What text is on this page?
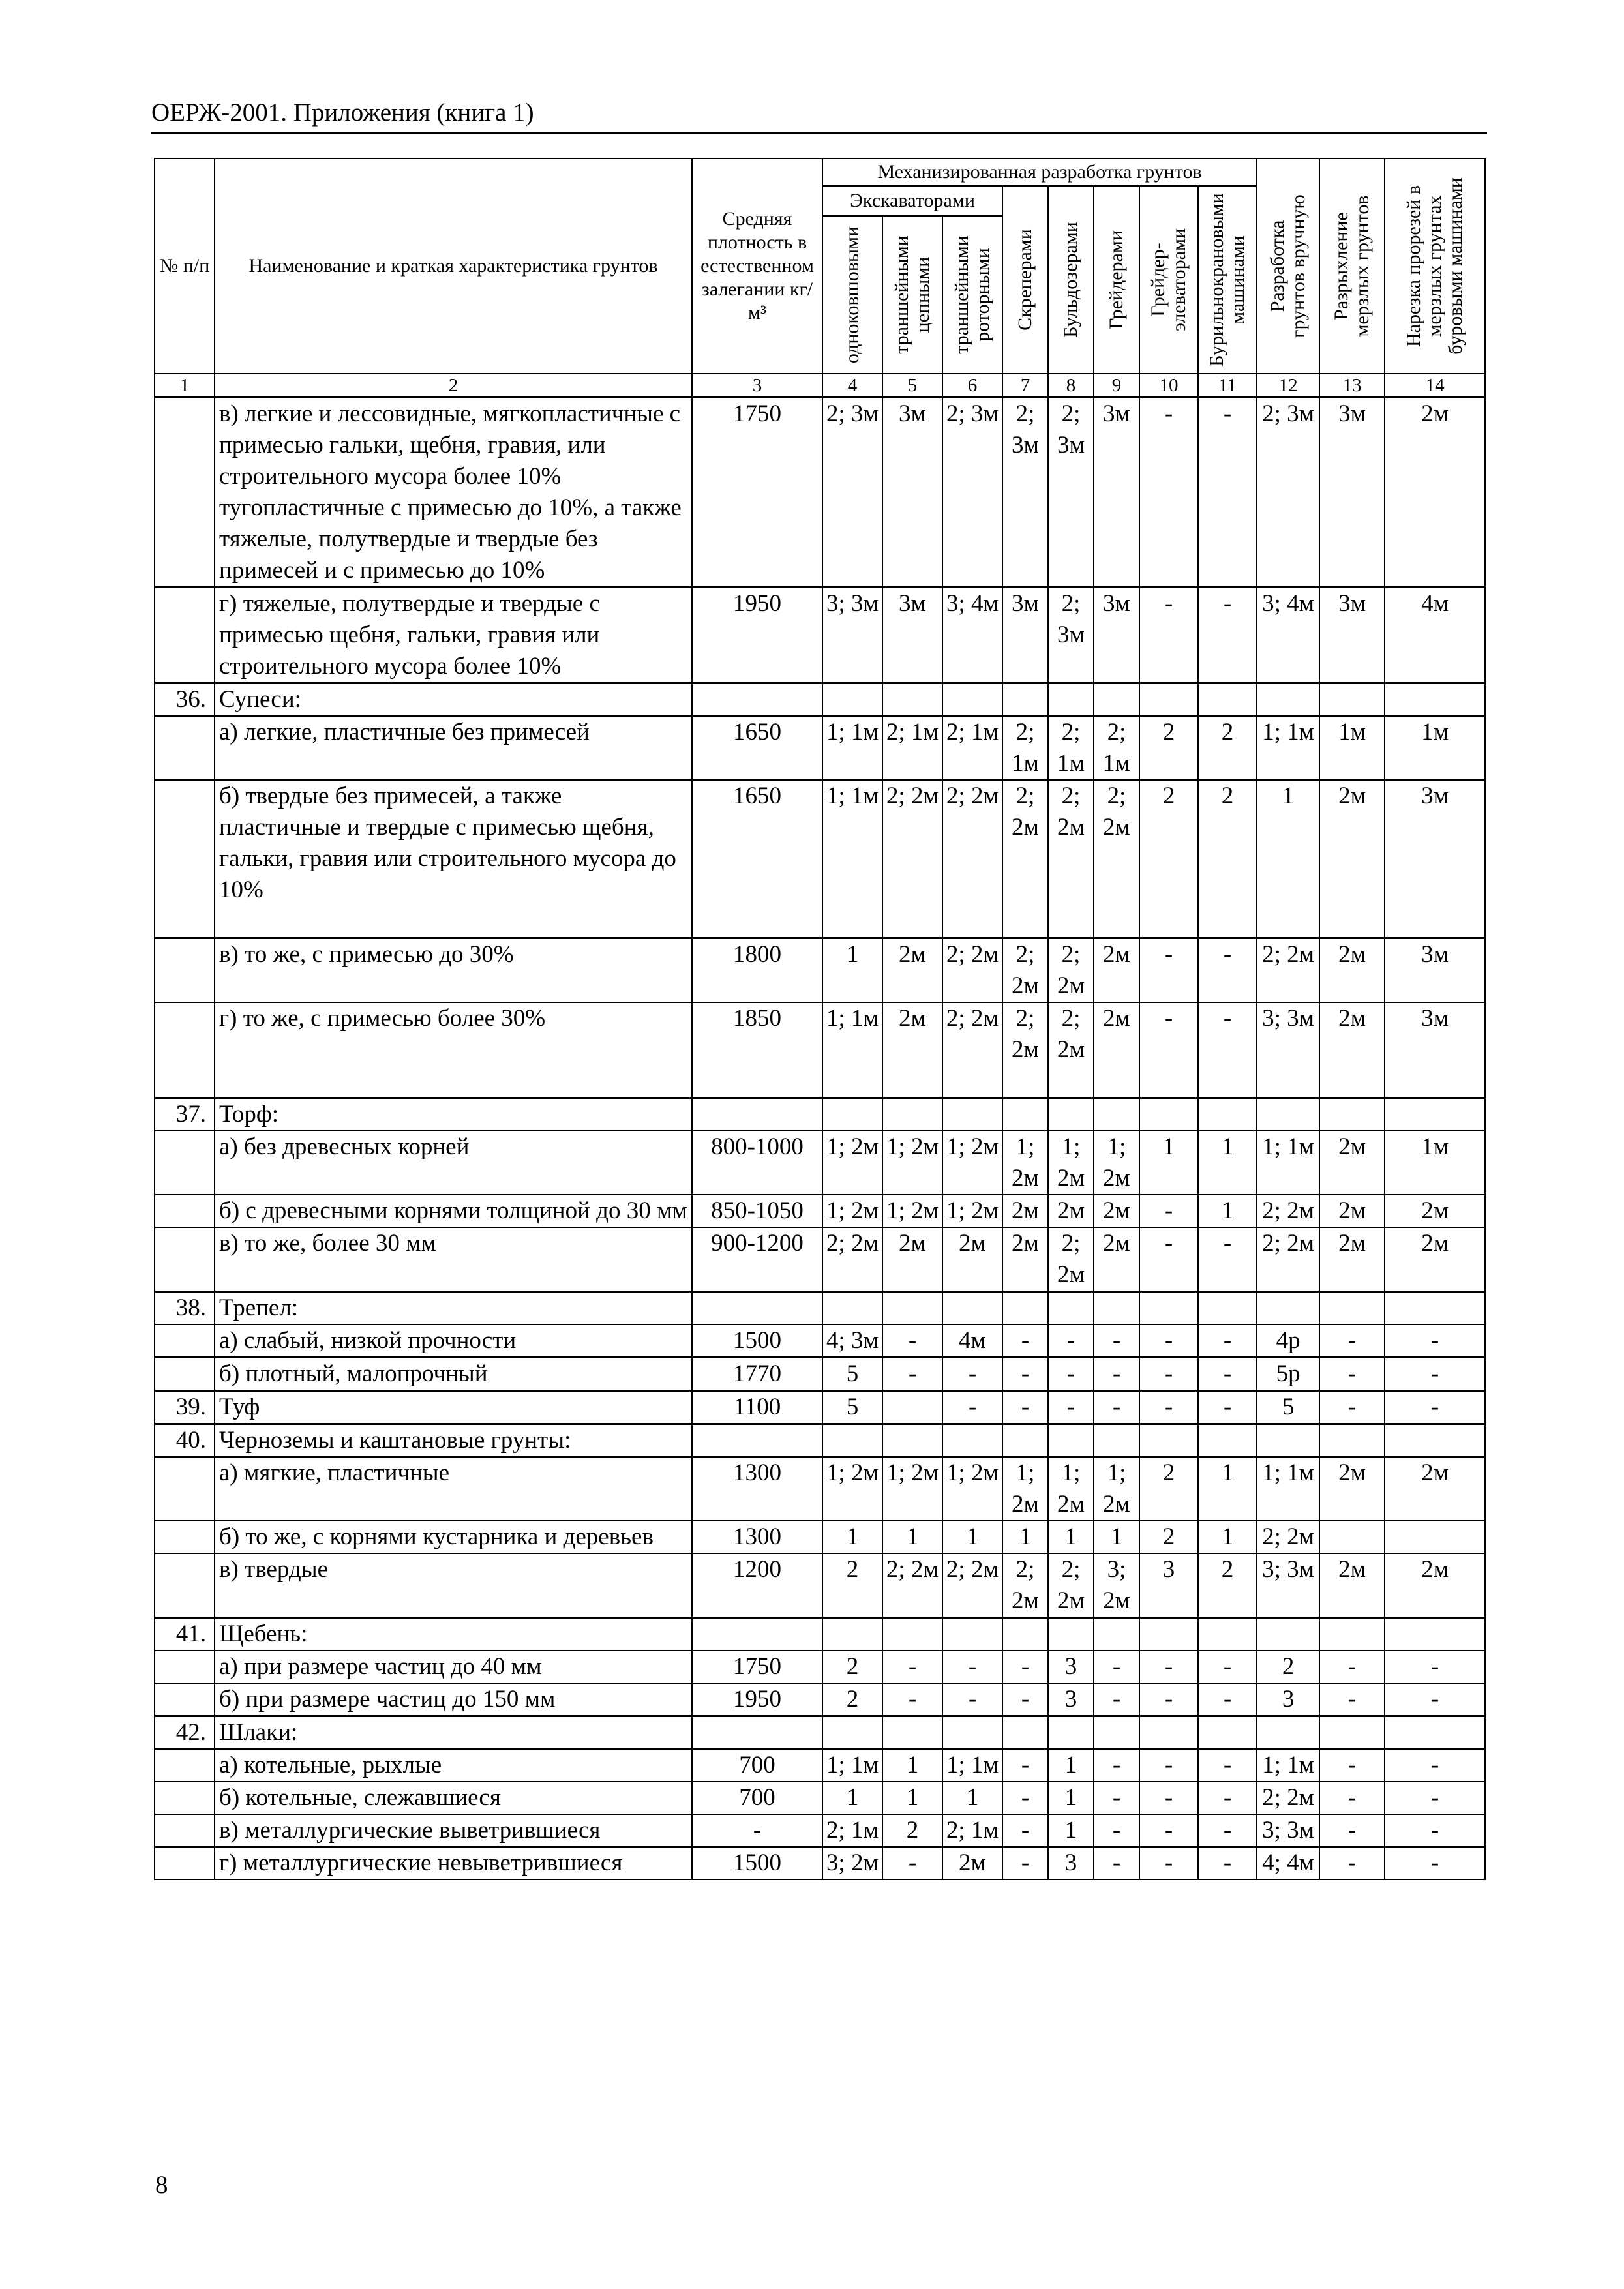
ОЕРЖ-2001. Приложения (книга 1)
№ п/п	Наименование и краткая характеристика грунтов	Средняя плотность в естественном залегании кг/м³	Механизированная разработка грунтов								Разработка грунтов вручную	Разрыхление мерзлых грунтов	Нарезка прорезей в мерзлых грунтах буровыми машинами

			Экскаваторами			Скреперами	Бульдозерами	Грейдерами	Грейдер-элеваторами	Бурильнокрановыми машинами			

			одноковшовыми	траншейными цепными	траншейными роторными								

1	2	3	4	5	6	7	8	9	10	11	12	13	14
	в) легкие и лессовидные, мягкопластичные с примесью гальки, щебня, гравия, или строительного мусора более 10% тугопластичные с примесью до 10%, а также тяжелые, полутвердые и твердые без примесей и с примесью до 10%	1750	2; 3м	3м	2; 3м	2; 3м	2; 3м	3м	-	-	2; 3м	3м	2м
	г) тяжелые, полутвердые и твердые с примесью щебня, гальки, гравия или строительного мусора более 10%	1950	3; 3м	3м	3; 4м	3м	2; 3м	3м	-	-	3; 4м	3м	4м
36.	Супеси:												
	а) легкие, пластичные без примесей	1650	1; 1м	2; 1м	2; 1м	2; 1м	2; 1м	2; 1м	2	2	1; 1м	1м	1м
	б) твердые без примесей, а также пластичные и твердые с примесью щебня, гальки, гравия или строительного мусора до 10%	1650	1; 1м	2; 2м	2; 2м	2; 2м	2; 2м	2; 2м	2	2	1	2м	3м
	в) то же, с примесью до 30%	1800	1	2м	2; 2м	2; 2м	2; 2м	2м	-	-	2; 2м	2м	3м
	г) то же, с примесью более 30%	1850	1; 1м	2м	2; 2м	2; 2м	2; 2м	2м	-	-	3; 3м	2м	3м
37.	Торф:												
	а) без древесных корней	800-1000	1; 2м	1; 2м	1; 2м	1; 2м	1; 2м	1; 2м	1	1	1; 1м	2м	1м
	б) с древесными корнями толщиной до 30 мм	850-1050	1; 2м	1; 2м	1; 2м	2м	2м	2м	-	1	2; 2м	2м	2м
	в) то же, более 30 мм	900-1200	2; 2м	2м	2м	2м	2; 2м	2м	-	-	2; 2м	2м	2м
38.	Трепел:												
	а) слабый, низкой прочности	1500	4; 3м	-	4м	-	-	-	-	-	4р	-	-
	б) плотный, малопрочный	1770	5	-	-	-	-	-	-	-	5р	-	-
39.	Туф	1100	5		-	-	-	-	-	-	5	-	-
40.	Черноземы и каштановые грунты:												
	а) мягкие, пластичные	1300	1; 2м	1; 2м	1; 2м	1; 2м	1; 2м	1; 2м	2	1	1; 1м	2м	2м
	б) то же, с корнями кустарника и деревьев	1300	1	1	1	1	1	1	2	1	2; 2м		
	в) твердые	1200	2	2; 2м	2; 2м	2; 2м	2; 2м	3; 2м	3	2	3; 3м	2м	2м
41.	Щебень:												
	а) при размере частиц до 40 мм	1750	2	-	-	-	3	-	-	-	2	-	-
	б) при размере частиц до 150 мм	1950	2	-	-	-	3	-	-	-	3	-	-
42.	Шлаки:												
	а) котельные, рыхлые	700	1; 1м	1	1; 1м	-	1	-	-	-	1; 1м	-	-
	б) котельные, слежавшиеся	700	1	1	1	-	1	-	-	-	2; 2м	-	-
	в) металлургические выветрившиеся	-	2; 1м	2	2; 1м	-	1	-	-	-	3; 3м	-	-
	г) металлургические невыветрившиеся	1500	3; 2м	-	2м	-	3	-	-	-	4; 4м	-	-
8
